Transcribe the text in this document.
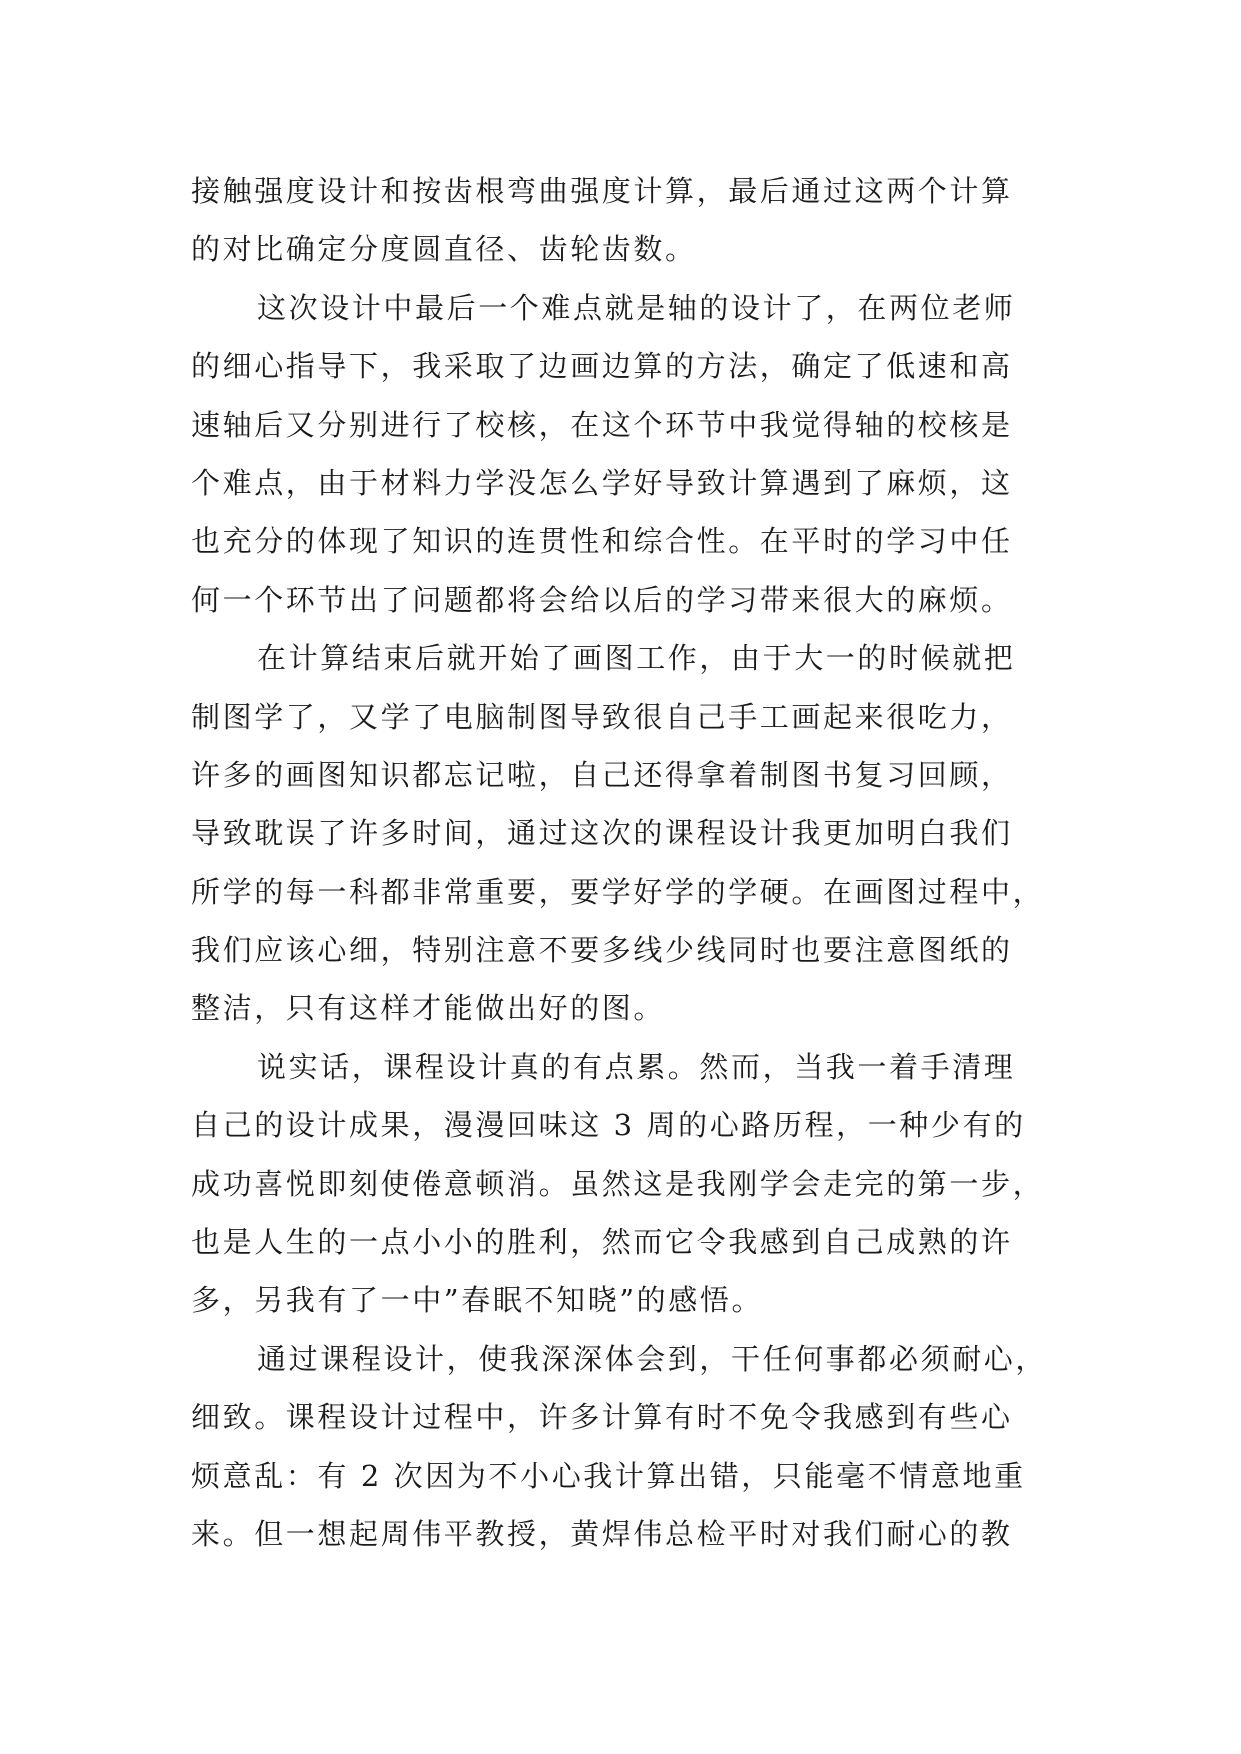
接触强度设计和按齿根弯曲强度计算，最后通过这两个计算
的对比确定分度圆直径、齿轮齿数。
这次设计中最后一个难点就是轴的设计了，在两位老师
的细心指导下，我采取了边画边算的方法，确定了低速和高
速轴后又分别进行了校核，在这个环节中我觉得轴的校核是
个难点，由于材料力学没怎么学好导致计算遇到了麻烦，这
也充分的体现了知识的连贯性和综合性。在平时的学习中任
何一个环节出了问题都将会给以后的学习带来很大的麻烦。
在计算结束后就开始了画图工作，由于大一的时候就把
制图学了，又学了电脑制图导致很自己手工画起来很吃力，
许多的画图知识都忘记啦，自己还得拿着制图书复习回顾，
导致耽误了许多时间，通过这次的课程设计我更加明白我们
所学的每一科都非常重要，要学好学的学硬。在画图过程中，
我们应该心细，特别注意不要多线少线同时也要注意图纸的
整洁，只有这样才能做出好的图。
说实话，课程设计真的有点累。然而，当我一着手清理
自己的设计成果，漫漫回味这 3 周的心路历程，一种少有的
成功喜悦即刻使倦意顿消。虽然这是我刚学会走完的第一步，
也是人生的一点小小的胜利，然而它令我感到自己成熟的许
多，另我有了一中”春眠不知晓”的感悟。
通过课程设计，使我深深体会到，干任何事都必须耐心，
细致。课程设计过程中，许多计算有时不免令我感到有些心
烦意乱：有 2 次因为不小心我计算出错，只能毫不情意地重
来。但一想起周伟平教授，黄焊伟总检平时对我们耐心的教
